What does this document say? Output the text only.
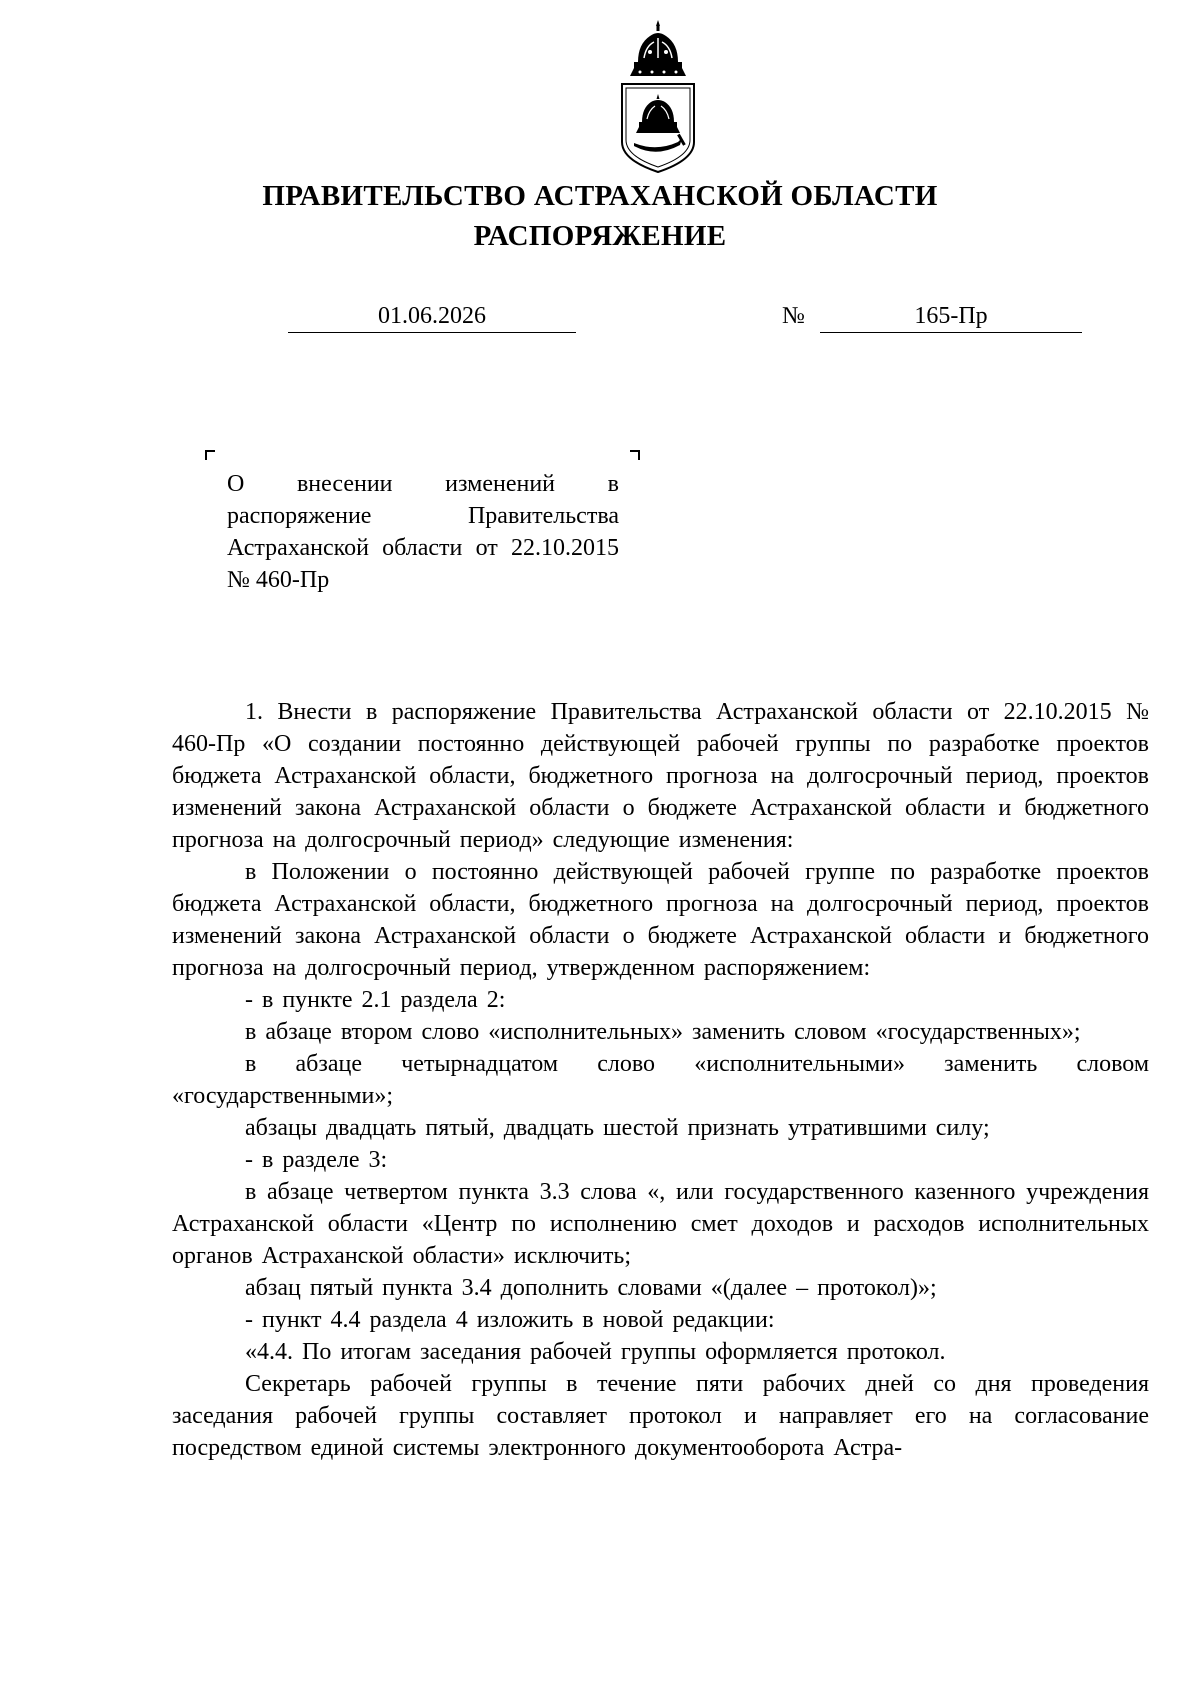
ПРАВИТЕЛЬСТВО АСТРАХАНСКОЙ ОБЛАСТИ
РАСПОРЯЖЕНИЕ
01.06.2026	№	165-Пр
О внесении изменений в распоряжение Правительства Астраханской области от 22.10.2015 № 460-Пр

1. Внести в распоряжение Правительства Астраханской области от 22.10.2015 № 460-Пр «О создании постоянно действующей рабочей группы по разработке проектов бюджета Астраханской области, бюджетного прогноза на долгосрочный период, проектов изменений закона Астраханской области о бюджете Астраханской области и бюджетного прогноза на долгосрочный период» следующие изменения:

в Положении о постоянно действующей рабочей группе по разработке проектов бюджета Астраханской области, бюджетного прогноза на долгосрочный период, проектов изменений закона Астраханской области о бюджете Астраханской области и бюджетного прогноза на долгосрочный период, утвержденном распоряжением:

- в пункте 2.1 раздела 2:

в абзаце втором слово «исполнительных» заменить словом «государственных»;

в абзаце четырнадцатом слово «исполнительными» заменить словом «государственными»;

абзацы двадцать пятый, двадцать шестой признать утратившими силу;

- в разделе 3:

в абзаце четвертом пункта 3.3 слова «, или государственного казенного учреждения Астраханской области «Центр по исполнению смет доходов и расходов исполнительных органов Астраханской области» исключить;

абзац пятый пункта 3.4 дополнить словами «(далее – протокол)»;

- пункт 4.4 раздела 4 изложить в новой редакции:

«4.4. По итогам заседания рабочей группы оформляется протокол.

Секретарь рабочей группы в течение пяти рабочих дней со дня проведения заседания рабочей группы составляет протокол и направляет его на согласование посредством единой системы электронного документооборота Астра-
